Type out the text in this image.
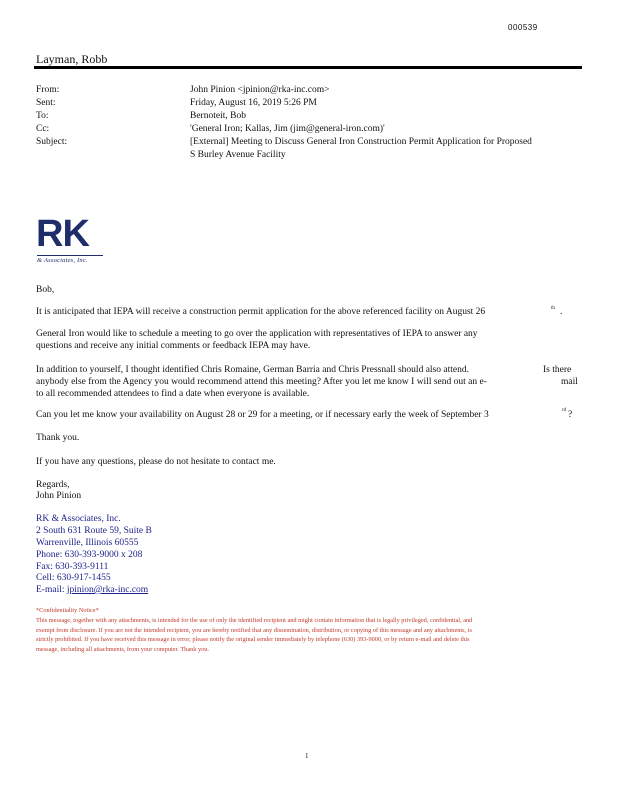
000539
Layman, Robb
From:	John Pinion <jpinion@rka-inc.com>
Sent:	Friday, August 16, 2019 5:26 PM
To:	Bernoteit, Bob
Cc:	'General Iron; Kallas, Jim (jim@general-iron.com)'
Subject:	[External] Meeting to Discuss General Iron Construction Permit Application for Proposed
S Burley Avenue Facility
RK
& Associates, Inc.
Bob,
It is anticipated that IEPA will receive a construction permit application for the above referenced facility on August 26	th .
General Iron would like to schedule a meeting to go over the application with representatives of IEPA to answer any
questions and receive any initial comments or feedback IEPA may have.
In addition to yourself, I thought identified Chris Romaine, German Barria and Chris Pressnall should also attend.	Is there
anybody else from the Agency you would recommend attend this meeting? After you let me know I will send out an e-	mail
to all recommended attendees to find a date when everyone is available.
Can you let me know your availability on August 28 or 29 for a meeting, or if necessary early the week of September 3	rd ?
Thank you.
If you have any questions, please do not hesitate to contact me.
Regards,
John Pinion
RK & Associates, Inc.
2 South 631 Route 59, Suite B
Warrenville, Illinois 60555
Phone: 630-393-9000 x 208
Fax: 630-393-9111
Cell: 630-917-1455
E-mail: jpinion@rka-inc.com
*Confidentiality Notice*
This message, together with any attachments, is intended for the use of only the identified recipient and might contain information that is legally privileged, confidential, and exempt from disclosure. If you are not the intended recipient, you are hereby notified that any dissemination, distribution, or copying of this message and any attachments, is strictly prohibited. If you have received this message in error, please notify the original sender immediately by telephone (630) 393-9000, or by return e-mail and delete this message, including all attachments, from your computer. Thank you.
1
